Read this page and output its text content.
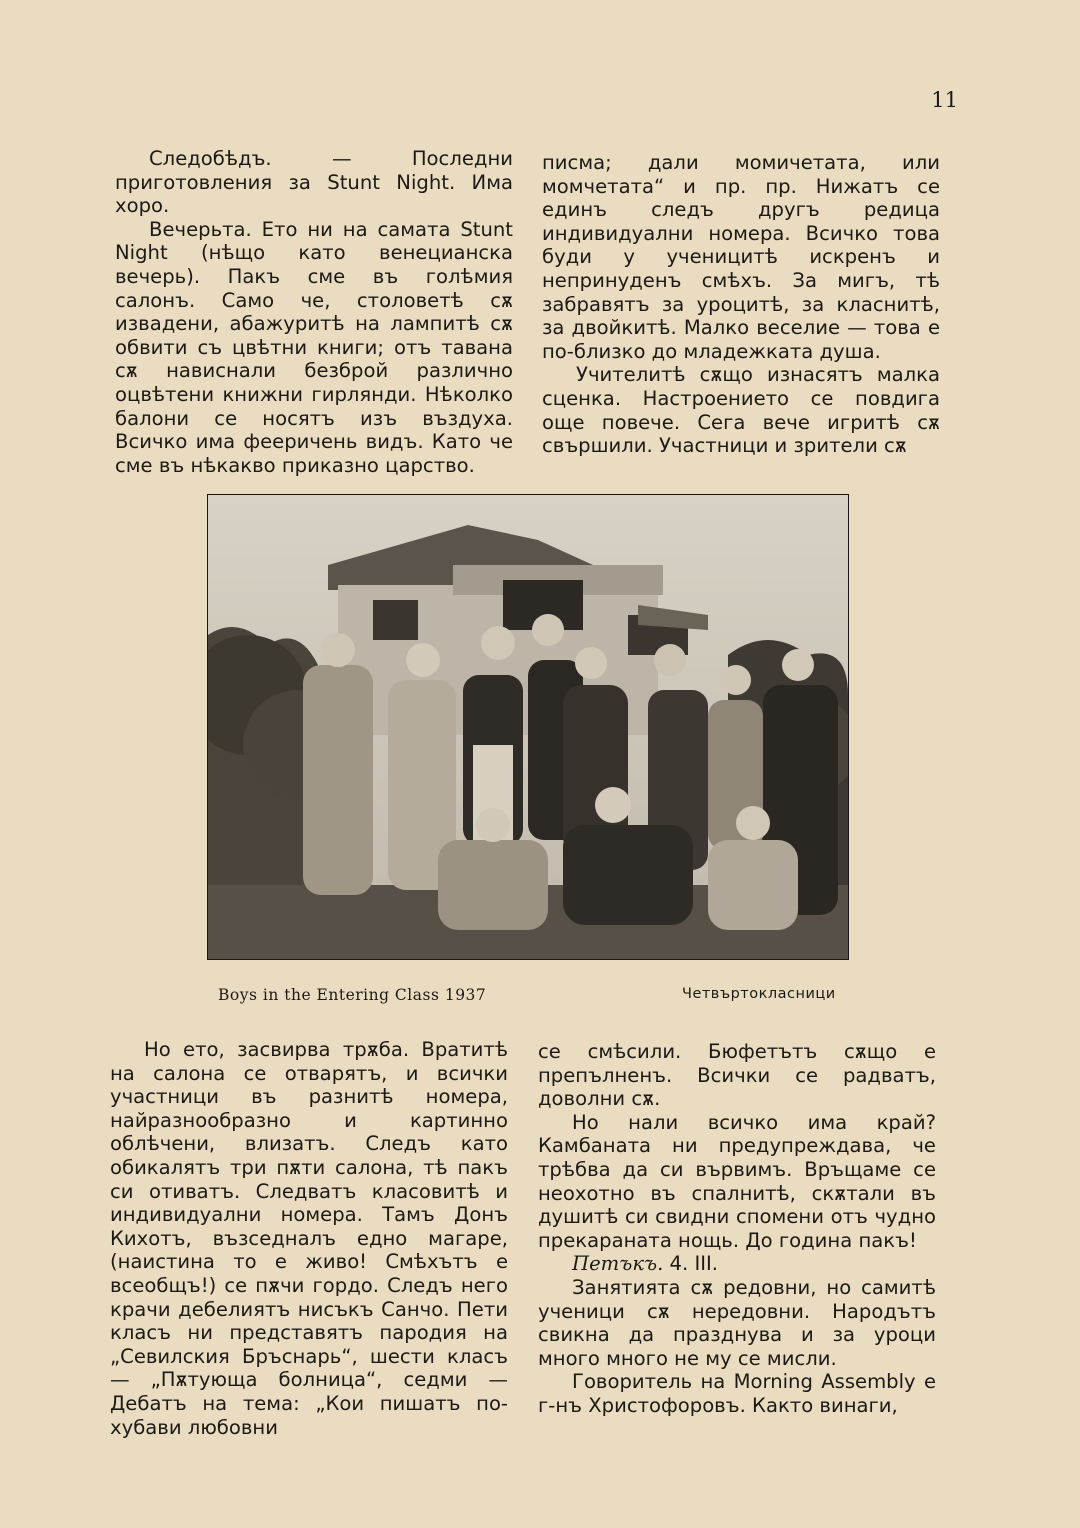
11

Следобѣдъ. — Последни приготовления за Stunt Night. Има хоро.

Вечерьта. Ето ни на самата Stunt Night (нѣщо като венецианска вечерь). Пакъ сме въ голѣмия салонъ. Само че, столоветѣ сѫ извадени, абажуритѣ на лампитѣ сѫ обвити съ цвѣтни книги; отъ тавана сѫ нависнали безброй различно оцвѣтени книжни гирлянди. Нѣколко балони се носятъ изъ въздуха. Всичко има фееричень видъ. Като че сме въ нѣкакво приказно царство.

писма; дали момичетата, или момчетата“ и пр. пр. Нижатъ се единъ следъ другъ редица индивидуални номера. Всичко това буди у ученицитѣ искренъ и непринуденъ смѣхъ. За мигъ, тѣ забравятъ за уроцитѣ, за класнитѣ, за двойкитѣ. Малко веселие — това е по-близко до младежката душа.

Учителитѣ сѫщо изнасятъ малка сценка. Настроението се повдига още повече. Сега вече игритѣ сѫ свършили. Участници и зрители сѫ

Boys in the Entering Class 1937	Четвъртокласници

Но ето, засвирва трѫба. Вратитѣ на салона се отварятъ, и всички участници въ разнитѣ номера, найразнообразно и картинно облѣчени, влизатъ. Следъ като обикалятъ три пѫти салона, тѣ пакъ си отиватъ. Следватъ класовитѣ и индивидуални номера. Тамъ Донъ Кихотъ, възседналъ едно магаре, (наистина то е живо! Смѣхътъ е всеобщъ!) се пѫчи гордо. Следъ него крачи дебелиятъ нисъкъ Санчо. Пети класъ ни представятъ пародия на „Севилския Бръснарь“, шести класъ — „Пѫтующа болница“, седми — Дебатъ на тема: „Кои пишатъ по-хубави любовни

се смѣсили. Бюфетътъ сѫщо е препълненъ. Всички се радватъ, доволни сѫ.

Но нали всичко има край? Камбаната ни предупреждава, че трѣбва да си вървимъ. Връщаме се неохотно въ спалнитѣ, скѫтали въ душитѣ си свидни спомени отъ чудно прекараната нощь. До година пакъ!

Петъкъ. 4. III.

Занятията сѫ редовни, но самитѣ ученици сѫ нередовни. Народътъ свикна да празднува и за уроци много много не му се мисли.

Говоритель на Morning Assembly е г-нъ Христофоровъ. Както винаги,
